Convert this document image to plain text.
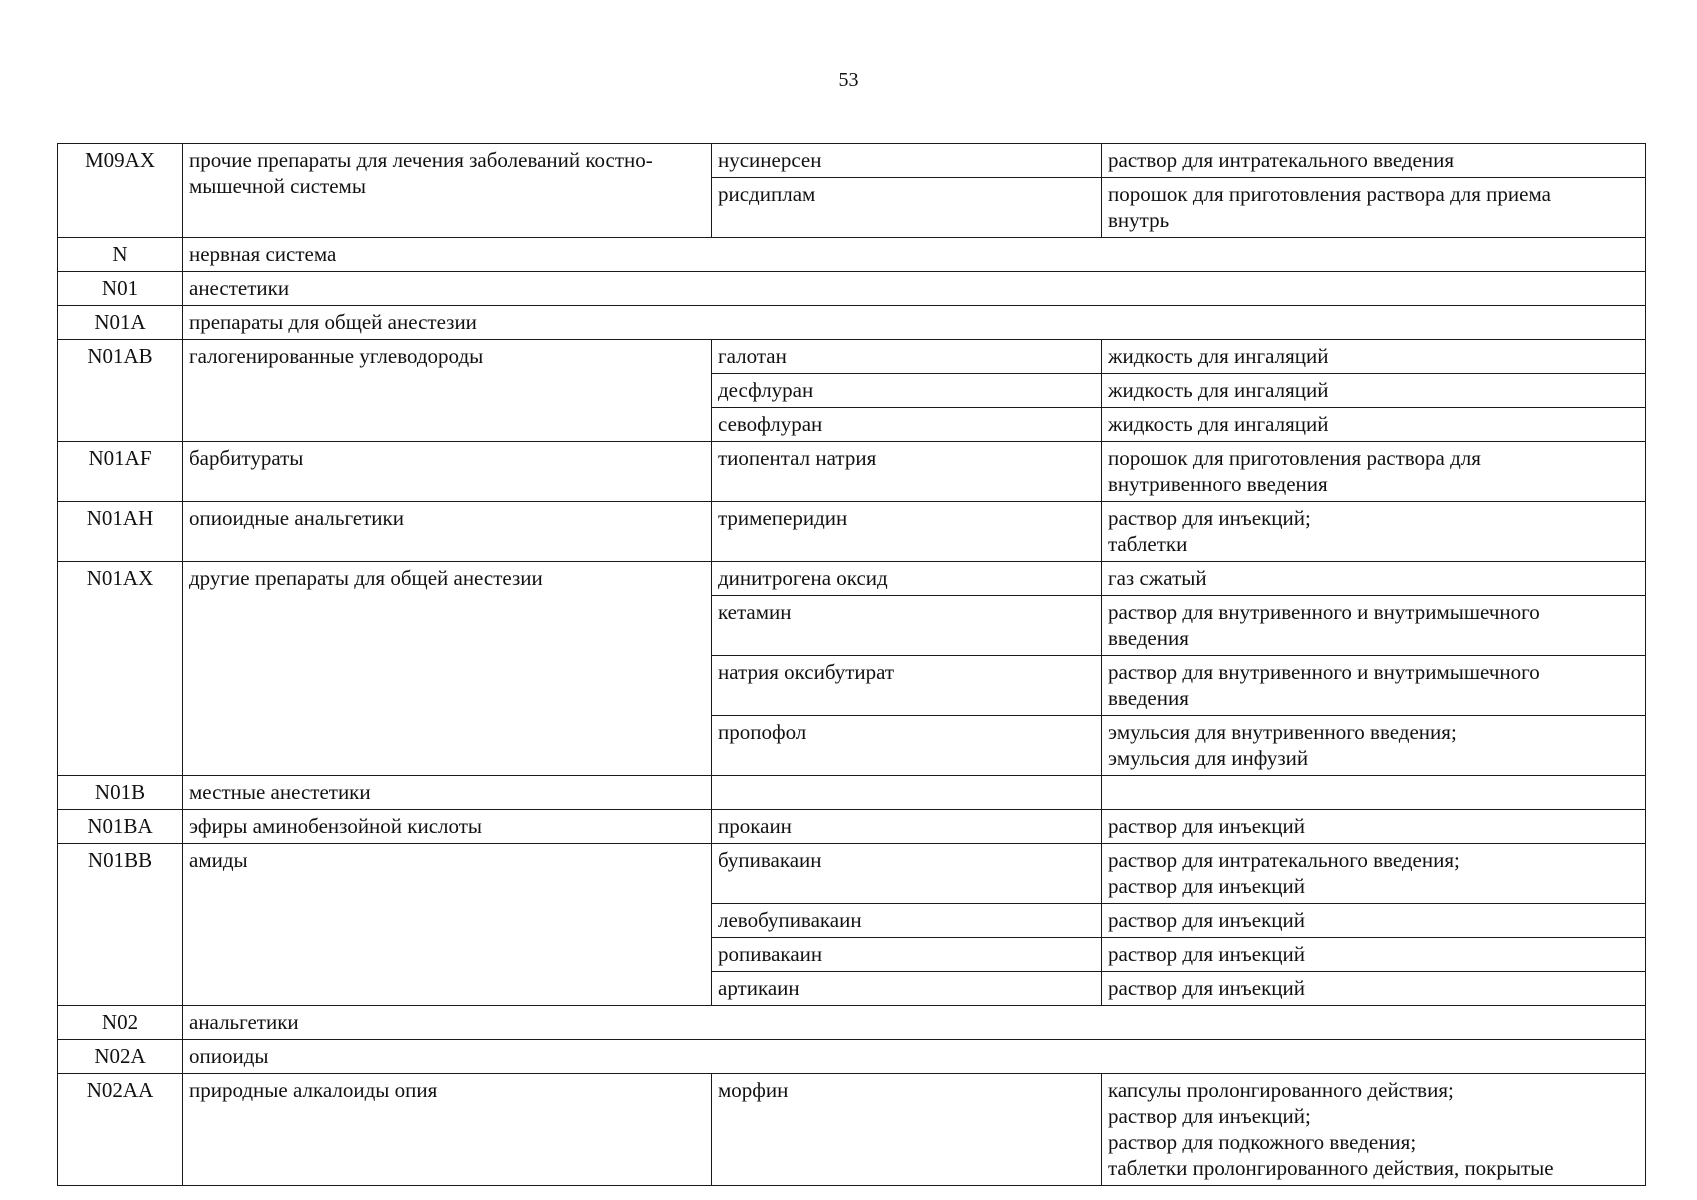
53
M09AX	прочие препараты для лечения заболеваний костно-мышечной системы	нусинерсен	раствор для интратекального введения
		рисдиплам	порошок для приготовления раствора для приема
внутрь
N	нервная система		
N01	анестетики		
N01A	препараты для общей анестезии		
N01AB	галогенированные углеводороды	галотан	жидкость для ингаляций
		десфлуран	жидкость для ингаляций
		севофлуран	жидкость для ингаляций
N01AF	барбитураты	тиопентал натрия	порошок для приготовления раствора для
внутривенного введения
N01AH	опиоидные анальгетики	тримеперидин	раствор для инъекций;
таблетки
N01AX	другие препараты для общей анестезии	динитрогена оксид	газ сжатый
		кетамин	раствор для внутривенного и внутримышечного
введения
		натрия оксибутират	раствор для внутривенного и внутримышечного
введения
		пропофол	эмульсия для внутривенного введения;
эмульсия для инфузий
N01B	местные анестетики		
N01BA	эфиры аминобензойной кислоты	прокаин	раствор для инъекций
N01BB	амиды	бупивакаин	раствор для интратекального введения;
раствор для инъекций
		левобупивакаин	раствор для инъекций
		ропивакаин	раствор для инъекций
		артикаин	раствор для инъекций
N02	анальгетики		
N02A	опиоиды		
N02AA	природные алкалоиды опия	морфин	капсулы пролонгированного действия;
раствор для инъекций;
раствор для подкожного введения;
таблетки пролонгированного действия, покрытые
